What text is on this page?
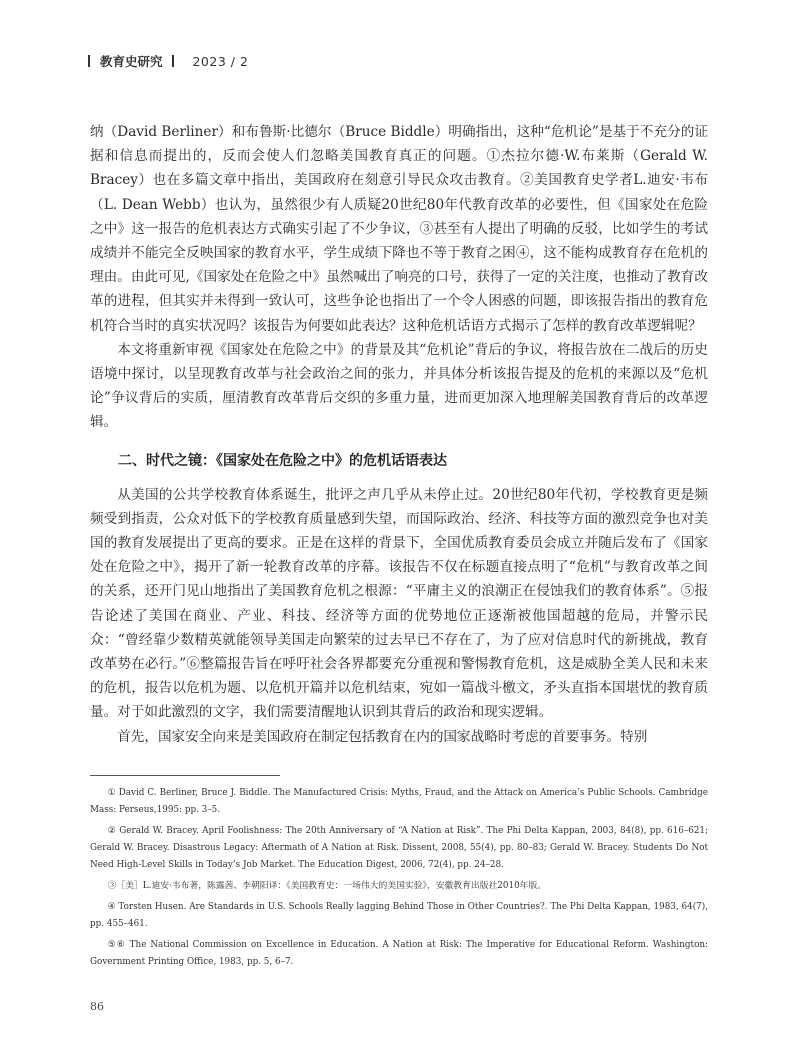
教育史研究 2023 / 2

纳（David Berliner）和布鲁斯·比德尔（Bruce Biddle）明确指出，这种“危机论”是基于不充分的证据和信息而提出的，反而会使人们忽略美国教育真正的问题。①杰拉尔德·W.布莱斯（Gerald W. Bracey）也在多篇文章中指出，美国政府在刻意引导民众攻击教育。②美国教育史学者L.迪安·韦布（L. Dean Webb）也认为，虽然很少有人质疑20世纪80年代教育改革的必要性，但《国家处在危险之中》这一报告的危机表达方式确实引起了不少争议，③甚至有人提出了明确的反驳，比如学生的考试成绩并不能完全反映国家的教育水平，学生成绩下降也不等于教育之困④，这不能构成教育存在危机的理由。由此可见,《国家处在危险之中》虽然喊出了响亮的口号，获得了一定的关注度，也推动了教育改革的进程，但其实并未得到一致认可，这些争论也指出了一个令人困惑的问题，即该报告指出的教育危机符合当时的真实状况吗？该报告为何要如此表达？这种危机话语方式揭示了怎样的教育改革逻辑呢？

本文将重新审视《国家处在危险之中》的背景及其“危机论”背后的争议，将报告放在二战后的历史语境中探讨，以呈现教育改革与社会政治之间的张力，并具体分析该报告提及的危机的来源以及“危机论”争议背后的实质，厘清教育改革背后交织的多重力量，进而更加深入地理解美国教育背后的改革逻辑。

二、时代之镜：《国家处在危险之中》的危机话语表达

从美国的公共学校教育体系诞生，批评之声几乎从未停止过。20世纪80年代初，学校教育更是频频受到指责，公众对低下的学校教育质量感到失望，而国际政治、经济、科技等方面的激烈竞争也对美国的教育发展提出了更高的要求。正是在这样的背景下，全国优质教育委员会成立并随后发布了《国家处在危险之中》，揭开了新一轮教育改革的序幕。该报告不仅在标题直接点明了“危机”与教育改革之间的关系，还开门见山地指出了美国教育危机之根源：“平庸主义的浪潮正在侵蚀我们的教育体系”。⑤报告论述了美国在商业、产业、科技、经济等方面的优势地位正逐渐被他国超越的危局，并警示民众：“曾经靠少数精英就能领导美国走向繁荣的过去早已不存在了，为了应对信息时代的新挑战，教育改革势在必行。”⑥整篇报告旨在呼吁社会各界都要充分重视和警惕教育危机，这是威胁全美人民和未来的危机，报告以危机为题、以危机开篇并以危机结束，宛如一篇战斗檄文，矛头直指本国堪忧的教育质量。对于如此激烈的文字，我们需要清醒地认识到其背后的政治和现实逻辑。

首先，国家安全向来是美国政府在制定包括教育在内的国家战略时考虑的首要事务。特别

① David C. Berliner, Bruce J. Biddle. The Manufactured Crisis: Myths, Fraud, and the Attack on America’s Public Schools. Cambridge Mass: Perseus,1995: pp. 3–5.

② Gerald W. Bracey. April Foolishness: The 20th Anniversary of “A Nation at Risk”. The Phi Delta Kappan, 2003, 84(8), pp. 616–621; Gerald W. Bracey. Disastrous Legacy: Aftermath of A Nation at Risk. Dissent, 2008, 55(4), pp. 80–83; Gerald W. Bracey. Students Do Not Need High-Level Skills in Today’s Job Market. The Education Digest, 2006, 72(4), pp. 24–28.

③［美］L.迪安·韦布著，陈露茜、李朝阳译：《美国教育史：一场伟大的美国实验》，安徽教育出版社2010年版。

④ Torsten Husen. Are Standards in U.S. Schools Really lagging Behind Those in Other Countries?. The Phi Delta Kappan, 1983, 64(7), pp. 455–461.

⑤⑥ The National Commission on Excellence in Education. A Nation at Risk: The Imperative for Educational Reform. Washington: Government Printing Office, 1983, pp. 5, 6–7.

86
